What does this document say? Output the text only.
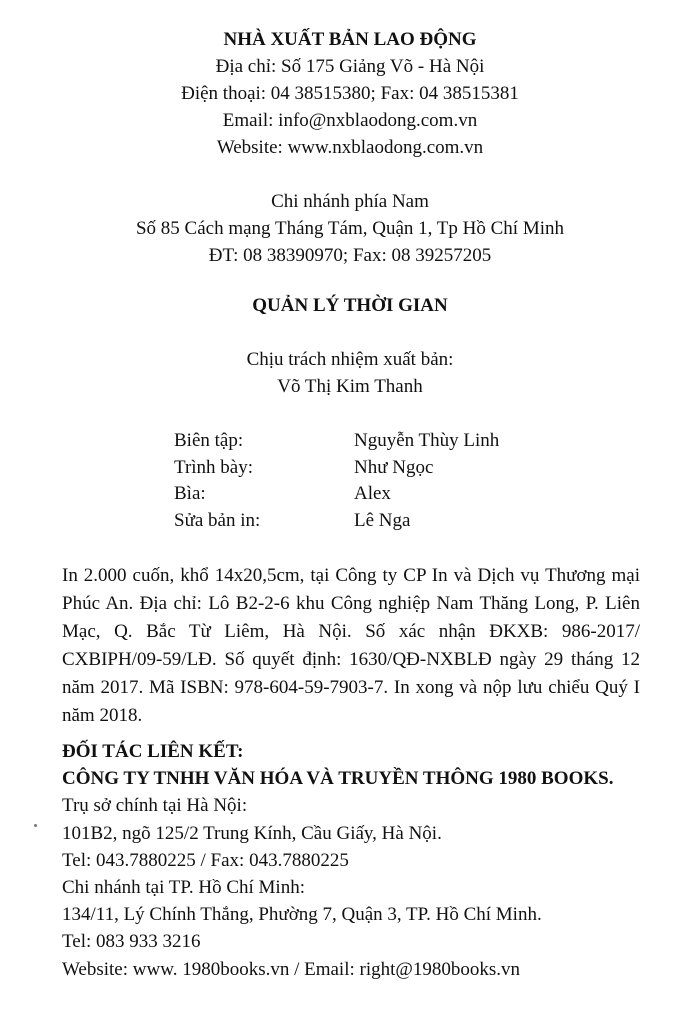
NHÀ XUẤT BẢN LAO ĐỘNG
Địa chỉ: Số 175 Giảng Võ - Hà Nội
Điện thoại: 04 38515380; Fax: 04 38515381
Email: info@nxblaodong.com.vn
Website: www.nxblaodong.com.vn
Chi nhánh phía Nam
Số 85 Cách mạng Tháng Tám, Quận 1, Tp Hồ Chí Minh
ĐT: 08 38390970; Fax: 08 39257205
QUẢN LÝ THỜI GIAN
Chịu trách nhiệm xuất bản:
Võ Thị Kim Thanh
Biên tập:	Nguyễn Thùy Linh
Trình bày:	Như Ngọc
Bìa:	Alex
Sửa bản in:	Lê Nga

In 2.000 cuốn, khổ 14x20,5cm, tại Công ty CP In và Dịch vụ Thương mại Phúc An. Địa chỉ: Lô B2-2-6 khu Công nghiệp Nam Thăng Long, P. Liên Mạc, Q. Bắc Từ Liêm, Hà Nội. Số xác nhận ĐKXB: 986-2017/ CXBIPH/09-59/LĐ. Số quyết định: 1630/QĐ-NXBLĐ ngày 29 tháng 12 năm 2017. Mã ISBN: 978-604-59-7903-7. In xong và nộp lưu chiểu Quý I năm 2018.

ĐỐI TÁC LIÊN KẾT:
CÔNG TY TNHH VĂN HÓA VÀ TRUYỀN THÔNG 1980 BOOKS.
Trụ sở chính tại Hà Nội:
101B2, ngõ 125/2 Trung Kính, Cầu Giấy, Hà Nội.
Tel: 043.7880225 / Fax: 043.7880225
Chi nhánh tại TP. Hồ Chí Minh:
134/11, Lý Chính Thắng, Phường 7, Quận 3, TP. Hồ Chí Minh.
Tel: 083 933 3216
Website: www. 1980books.vn / Email: right@1980books.vn
